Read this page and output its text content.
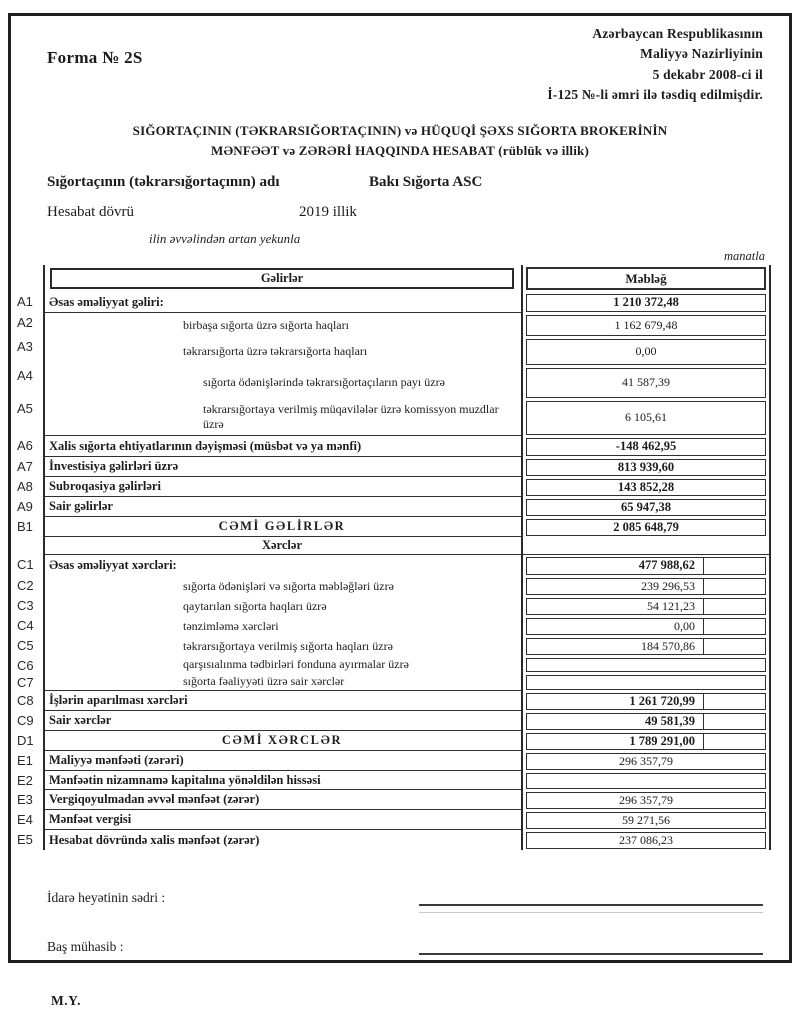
Forma № 2S
Azərbaycan Respublikasının
Maliyyə Nazirliyinin
5 dekabr 2008-ci il
İ-125 №-li əmri ilə təsdiq edilmişdir.
SIĞORTAÇININ (TƏKRARSIĞORTAÇININ) və HÜQUQİ ŞƏXS SIĞORTA BROKERİNİN
MƏNFƏƏT və ZƏRƏRİ HAQQINDA HESABAT (rüblük və illik)
Sığortaçının (təkrarsığortaçının) adı	Bakı Sığorta ASC
Hesabat dövrü	2019 illik
ilin əvvəlindən artan yekunla
manatla
Gəlirlər	Məbləğ
A1	Əsas əməliyyat gəliri:	1 210 372,48
A2	birbaşa sığorta üzrə sığorta haqları	1 162 679,48
A3	təkrarsığorta üzrə təkrarsığorta haqları	0,00
A4	sığorta ödənişlərində təkrarsığortaçıların payı üzrə	41 587,39
A5	təkrarsığortaya verilmiş müqavilələr üzrə komissyon muzdlar üzrə	6 105,61
A6	Xalis sığorta ehtiyatlarının dəyişməsi (müsbət və ya mənfi)	-148 462,95
A7	İnvestisiya gəlirləri üzrə	813 939,60
A8	Subroqasiya gəlirləri	143 852,28
A9	Sair gəlirlər	65 947,38
B1	CƏMİ GƏLİRLƏR	2 085 648,79
Xərclər
C1	Əsas əməliyyat xərcləri:	477 988,62
C2	sığorta ödənişləri və sığorta məbləğləri üzrə	239 296,53
C3	qaytarılan sığorta haqları üzrə	54 121,23
C4	tənzimləmə xərcləri	0,00
C5	təkrarsığortaya verilmiş sığorta haqları üzrə	184 570,86
C6	qarşısıalınma tədbirləri fonduna ayırmalar üzrə
C7	sığorta fəaliyyəti üzrə sair xərclər
C8	İşlərin aparılması xərcləri	1 261 720,99
C9	Sair xərclər	49 581,39
D1	CƏMİ XƏRCLƏR	1 789 291,00
E1	Maliyyə mənfəəti (zərəri)	296 357,79
E2	Mənfəətin nizamnamə kapitalına yönəldilən hissəsi
E3	Vergiqoyulmadan əvvəl mənfəət (zərər)	296 357,79
E4	Mənfəət vergisi	59 271,56
E5	Hesabat dövründə xalis mənfəət (zərər)	237 086,23
İdarə heyətinin sədri :
Baş mühasib :
M.Y.
